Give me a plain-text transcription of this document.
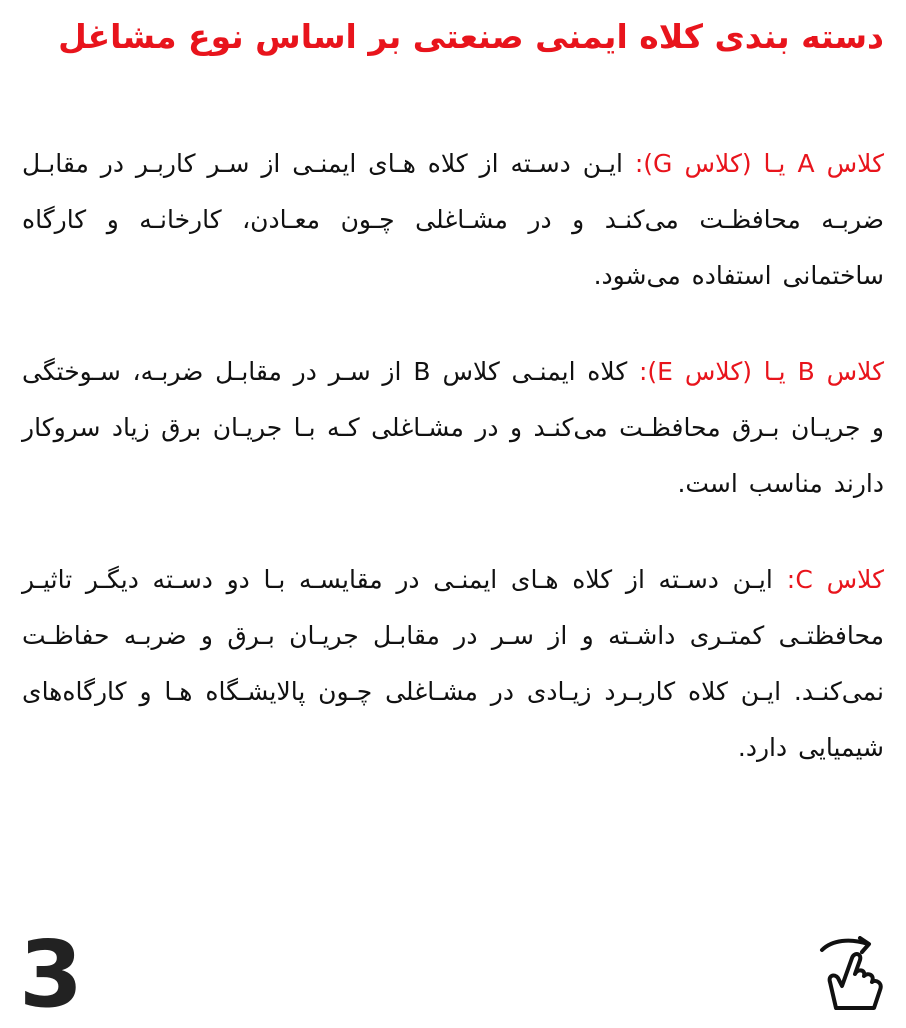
دسته بندی کلاه ایمنی صنعتی بر اساس نوع مشاغل

کلاس A یـا (کلاس G): ایـن دسـته از کلاه هـای ایمنـی از سـر کاربـر در مقابـل ضربـه محافظـت می‌کنـد و در مشـاغلی چـون معـادن، کارخانـه و کارگاه ساختمانی استفاده می‌شود.

کلاس B یـا (کلاس E): کلاه ایمنـی کلاس B از سـر در مقابـل ضربـه، سـوختگی و جریـان بـرق محافظـت می‌کنـد و در مشـاغلی کـه بـا جریـان برق زیاد سروکار دارند مناسب است.

کلاس C: ایـن دسـته از کلاه هـای ایمنـی در مقایسـه بـا دو دسـته دیگـر تاثیـر محافظتـی کمتـری داشـته و از سـر در مقابـل جریـان بـرق و ضربـه حفاظـت نمی‌کنـد. ایـن کلاه کاربـرد زیـادی در مشـاغلی چـون پالایشـگاه هـا و کارگاه‌های شیمیایی دارد.

3
